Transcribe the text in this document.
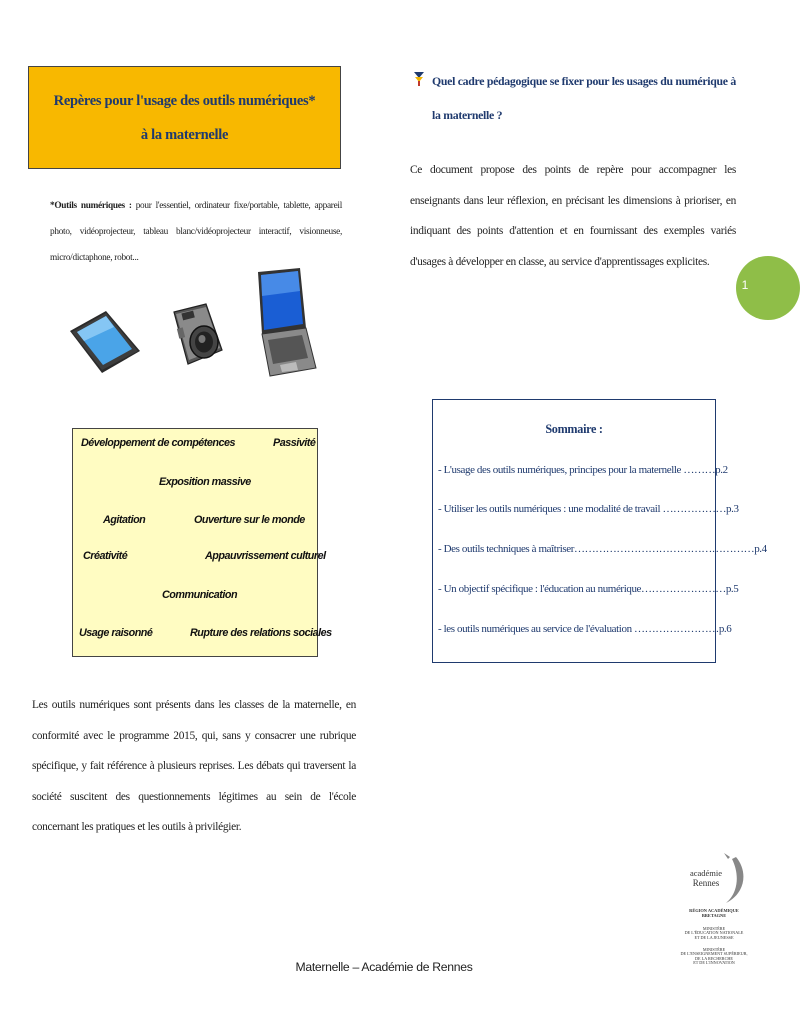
Repères pour l'usage des outils numériques*
à la maternelle
*Outils numériques : pour l'essentiel, ordinateur fixe/portable, tablette, appareil photo, vidéoprojecteur, tableau blanc/vidéoprojecteur interactif, visionneuse, micro/dictaphone, robot...
Développement de compétences	Passivité
Exposition massive
Agitation	Ouverture sur le monde
Créativité	Appauvrissement culturel
Communication
Usage raisonné	Rupture des relations sociales

Les outils numériques sont présents dans les classes de la maternelle, en conformité avec le programme 2015, qui, sans y consacrer une rubrique spécifique, y fait référence à plusieurs reprises. Les débats qui traversent la société suscitent des questionnements légitimes au sein de l'école concernant les pratiques et les outils à privilégier.

Quel cadre pédagogique se fixer pour les usages du numérique à la maternelle ?

Ce document propose des points de repère pour accompagner les enseignants dans leur réflexion, en précisant les dimensions à prioriser, en indiquant des points d'attention et en fournissant des exemples variés d'usages à développer en classe, au service d'apprentissages explicites.

1
Sommaire :
- L'usage des outils numériques, principes pour la maternelle ………p.2
- Utiliser les outils numériques : une modalité de travail ………………p.3
- Des outils techniques à maîtriser……………………………………………p.4
- Un objectif spécifique : l'éducation au numérique……………………p.5
- les outils numériques au service de l'évaluation ……………………p.6
académie
Rennes
RÉGION ACADÉMIQUE
BRETAGNE
MINISTÈRE
DE L'ÉDUCATION NATIONALE
ET DE LA JEUNESSE
MINISTÈRE
DE L'ENSEIGNEMENT SUPÉRIEUR,
DE LA RECHERCHE
ET DE L'INNOVATION
Maternelle – Académie de Rennes
